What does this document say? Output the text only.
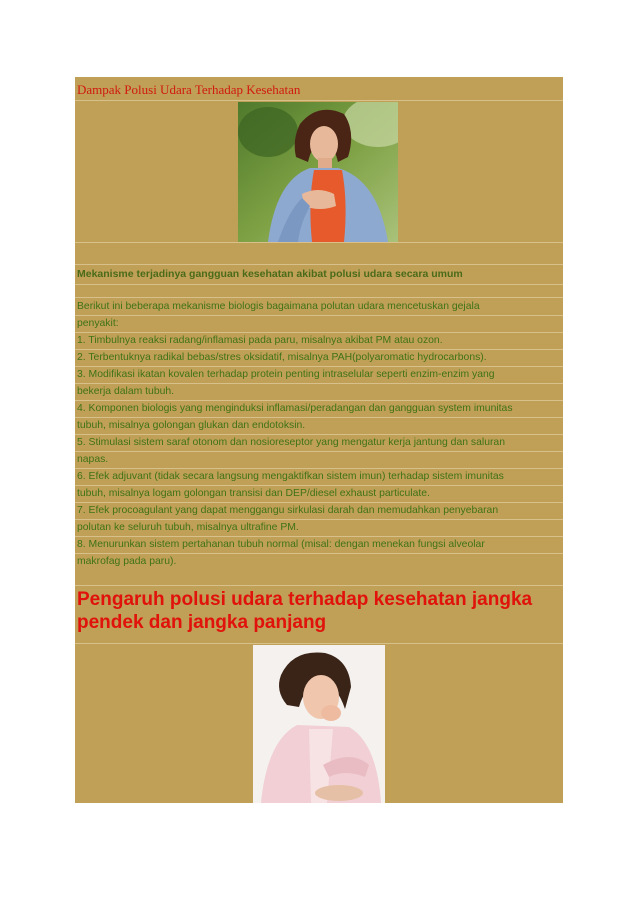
Dampak Polusi Udara Terhadap Kesehatan
Mekanisme terjadinya gangguan kesehatan akibat polusi udara secara umum
Berikut ini beberapa mekanisme biologis bagaimana polutan udara mencetuskan gejala
penyakit:
1. Timbulnya reaksi radang/inflamasi pada paru, misalnya akibat PM atau ozon.
2. Terbentuknya radikal bebas/stres oksidatif, misalnya PAH(polyaromatic hydrocarbons).
3. Modifikasi ikatan kovalen terhadap protein penting intraselular seperti enzim-enzim yang
bekerja dalam tubuh.
4. Komponen biologis yang menginduksi inflamasi/peradangan dan gangguan system imunitas
tubuh, misalnya golongan glukan dan endotoksin.
5. Stimulasi sistem saraf otonom dan nosioreseptor yang mengatur kerja jantung dan saluran
napas.
6. Efek adjuvant (tidak secara langsung mengaktifkan sistem imun) terhadap sistem imunitas
tubuh, misalnya logam golongan transisi dan DEP/diesel exhaust particulate.
7. Efek procoagulant yang dapat menggangu sirkulasi darah dan memudahkan penyebaran
polutan ke seluruh tubuh, misalnya ultrafine PM.
8. Menurunkan sistem pertahanan tubuh normal (misal: dengan menekan fungsi alveolar
makrofag pada paru).
Pengaruh polusi udara terhadap kesehatan jangka pendek dan jangka panjang
